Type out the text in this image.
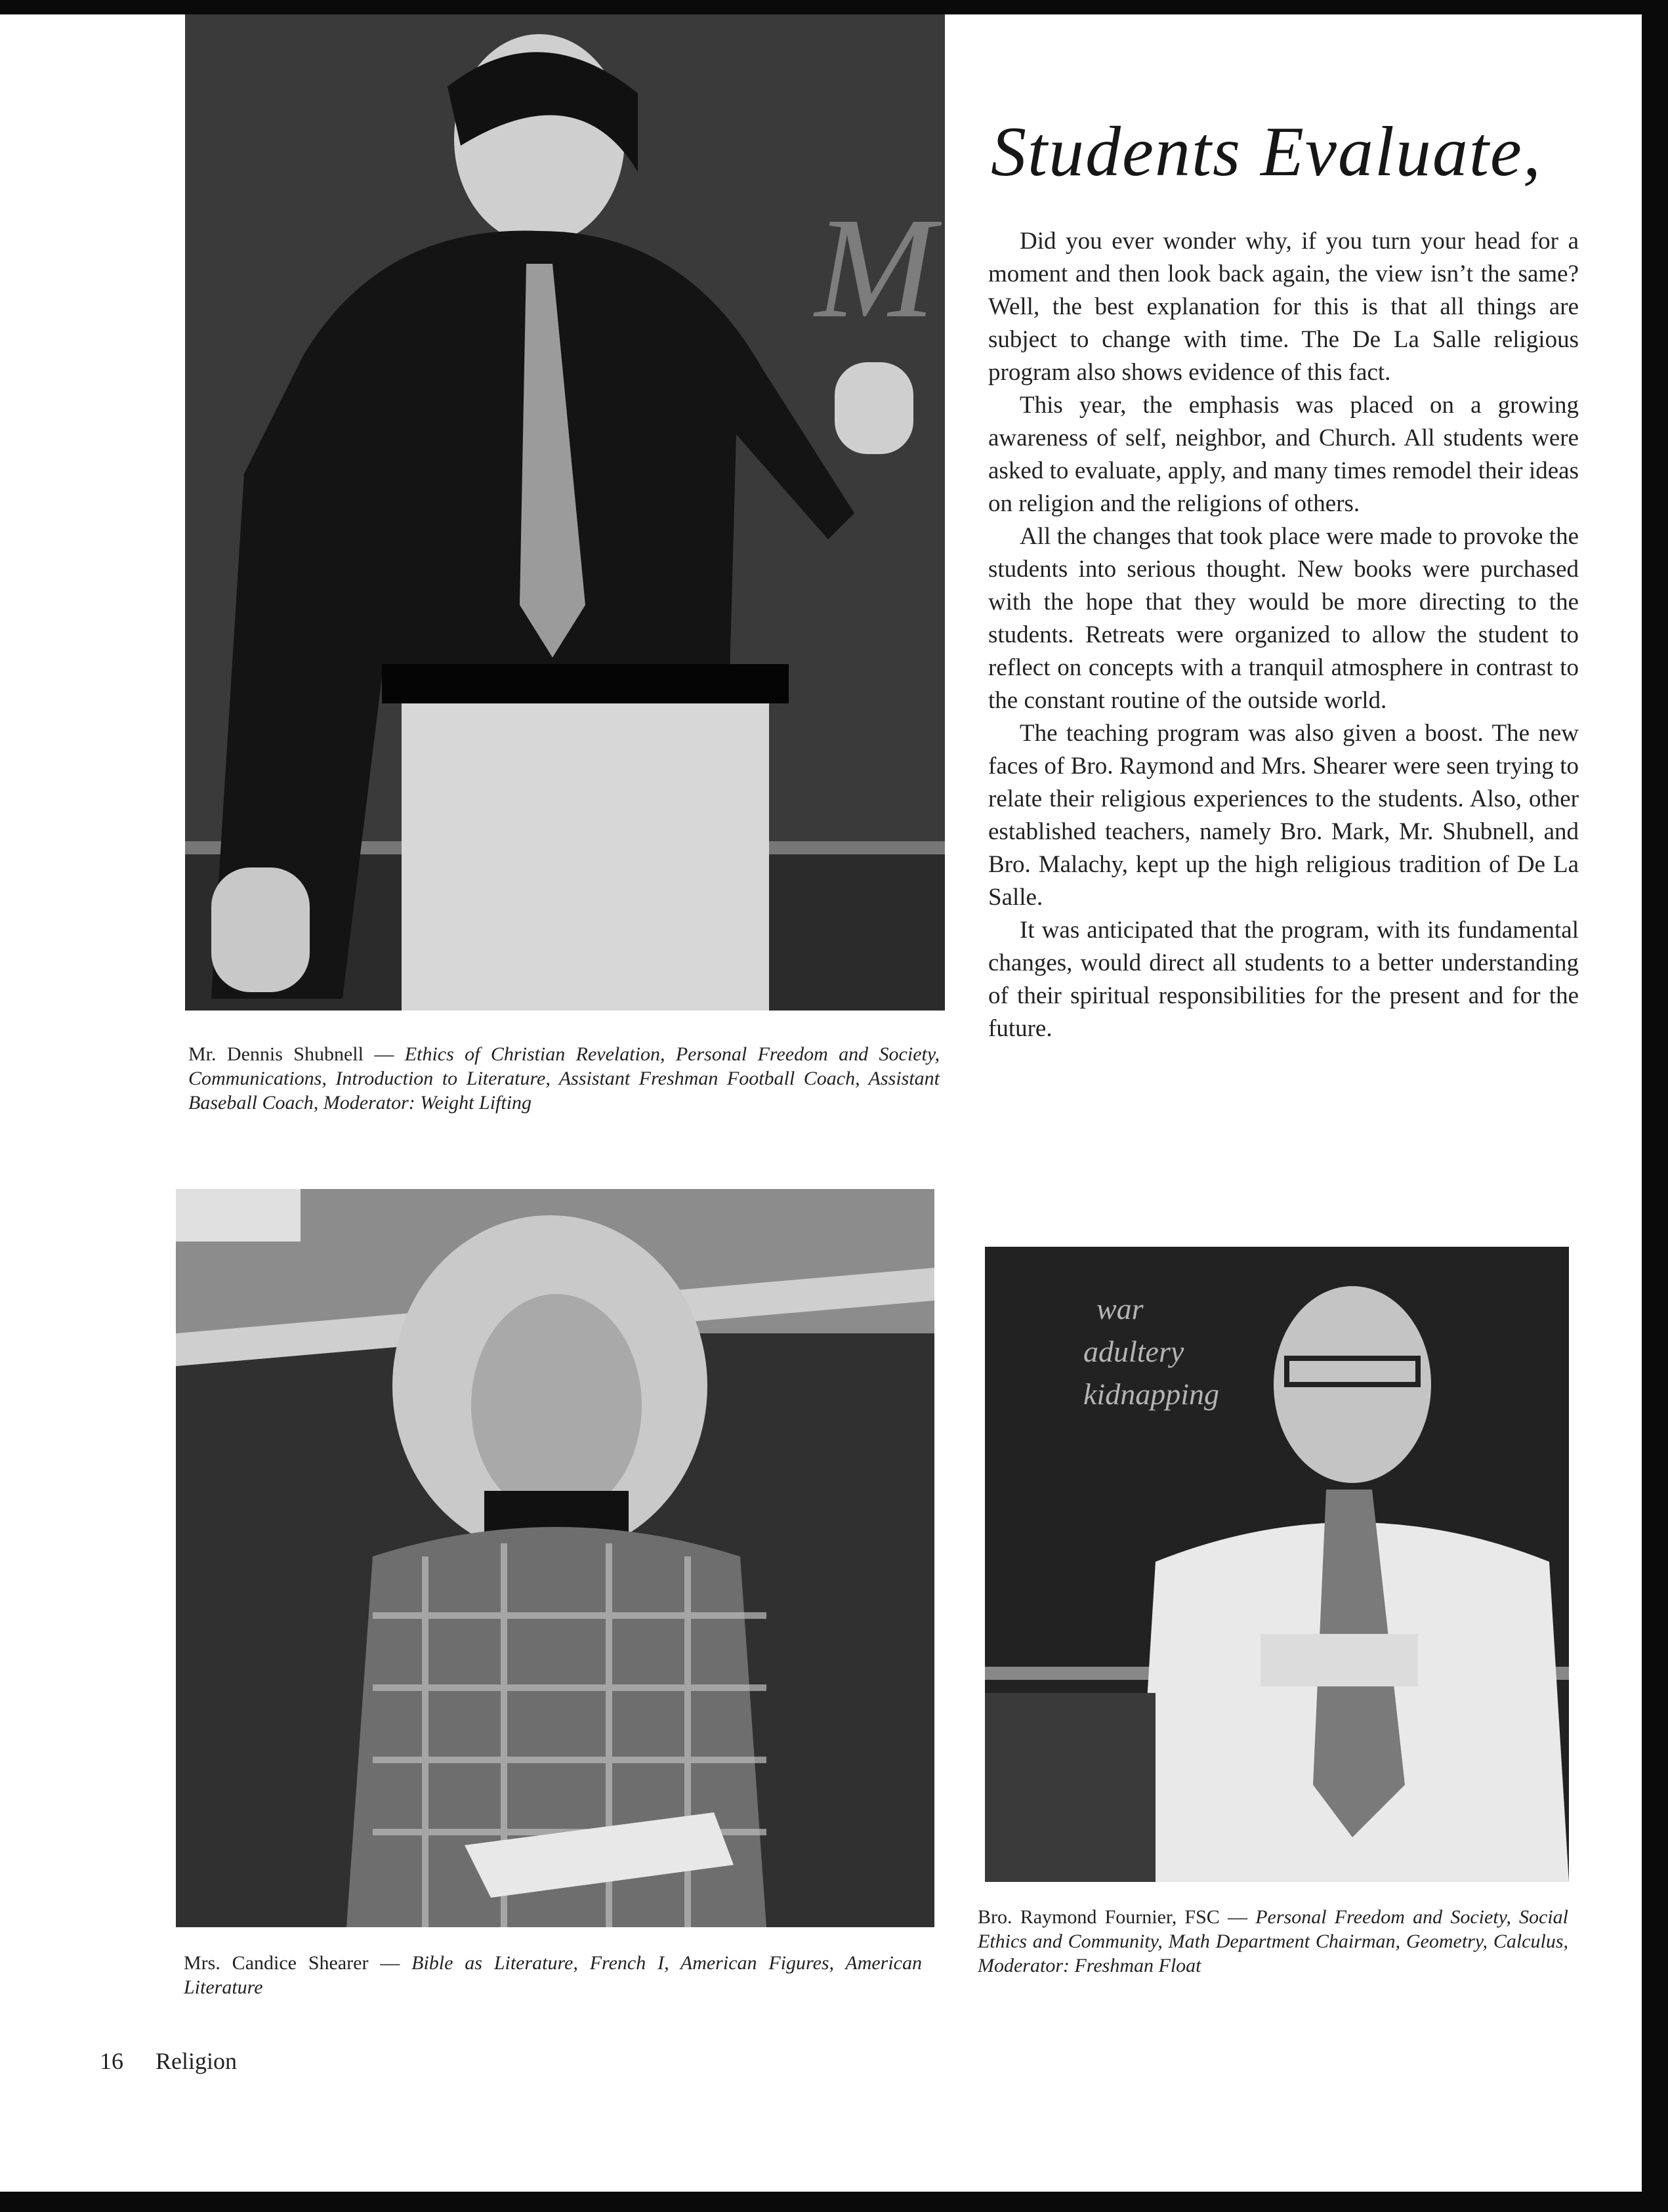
M
Students Evaluate,

Did you ever wonder why, if you turn your head for a moment and then look back again, the view isn’t the same? Well, the best explanation for this is that all things are subject to change with time. The De La Salle religious program also shows evidence of this fact.

This year, the emphasis was placed on a growing awareness of self, neighbor, and Church. All students were asked to evaluate, apply, and many times remodel their ideas on religion and the religions of others.

All the changes that took place were made to provoke the students into serious thought. New books were purchased with the hope that they would be more directing to the students. Retreats were organized to allow the student to reflect on concepts with a tranquil atmosphere in contrast to the constant routine of the outside world.

The teaching program was also given a boost. The new faces of Bro. Raymond and Mrs. Shearer were seen trying to relate their religious experiences to the students. Also, other established teachers, namely Bro. Mark, Mr. Shubnell, and Bro. Malachy, kept up the high religious tradition of De La Salle.

It was anticipated that the program, with its fundamental changes, would direct all students to a better understanding of their spiritual responsibilities for the present and for the future.

Mr. Dennis Shubnell — Ethics of Christian Revelation, Personal Freedom and Society, Communications, Introduction to Literature, Assistant Freshman Football Coach, Assistant Baseball Coach, Moderator: Weight Lifting
Mrs. Candice Shearer — Bible as Literature, French I, American Figures, American Literature
war
adultery
kidnapping
Bro. Raymond Fournier, FSC — Personal Freedom and Society, Social Ethics and Community, Math Department Chairman, Geometry, Calculus, Moderator: Freshman Float
16 Religion
